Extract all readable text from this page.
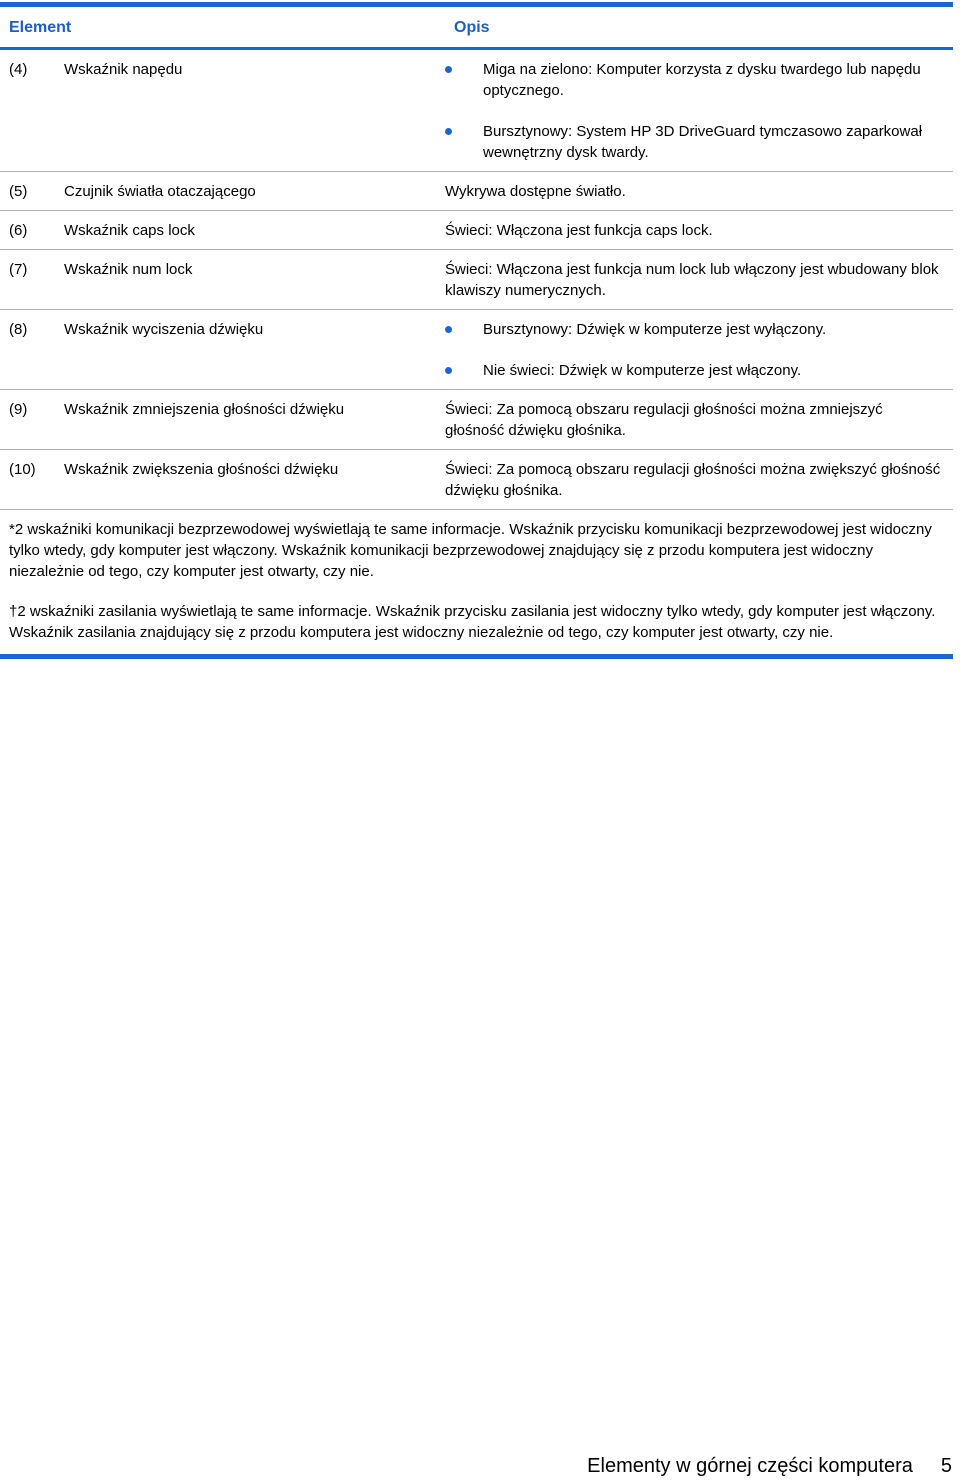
Element	Opis
(4)	Wskaźnik napędu	Miga na zielono: Komputer korzysta z dysku twardego lub napędu optycznego.
Bursztynowy: System HP 3D DriveGuard tymczasowo zaparkował wewnętrzny dysk twardy.
(5)	Czujnik światła otaczającego	Wykrywa dostępne światło.
(6)	Wskaźnik caps lock	Świeci: Włączona jest funkcja caps lock.
(7)	Wskaźnik num lock	Świeci: Włączona jest funkcja num lock lub włączony jest wbudowany blok klawiszy numerycznych.
(8)	Wskaźnik wyciszenia dźwięku	Bursztynowy: Dźwięk w komputerze jest wyłączony.
Nie świeci: Dźwięk w komputerze jest włączony.
(9)	Wskaźnik zmniejszenia głośności dźwięku	Świeci: Za pomocą obszaru regulacji głośności można zmniejszyć głośność dźwięku głośnika.
(10)	Wskaźnik zwiększenia głośności dźwięku	Świeci: Za pomocą obszaru regulacji głośności można zwiększyć głośność dźwięku głośnika.

*2 wskaźniki komunikacji bezprzewodowej wyświetlają te same informacje. Wskaźnik przycisku komunikacji bezprzewodowej jest widoczny tylko wtedy, gdy komputer jest włączony. Wskaźnik komunikacji bezprzewodowej znajdujący się z przodu komputera jest widoczny niezależnie od tego, czy komputer jest otwarty, czy nie.

†2 wskaźniki zasilania wyświetlają te same informacje. Wskaźnik przycisku zasilania jest widoczny tylko wtedy, gdy komputer jest włączony. Wskaźnik zasilania znajdujący się z przodu komputera jest widoczny niezależnie od tego, czy komputer jest otwarty, czy nie.

Elementy w górnej części komputera 5
